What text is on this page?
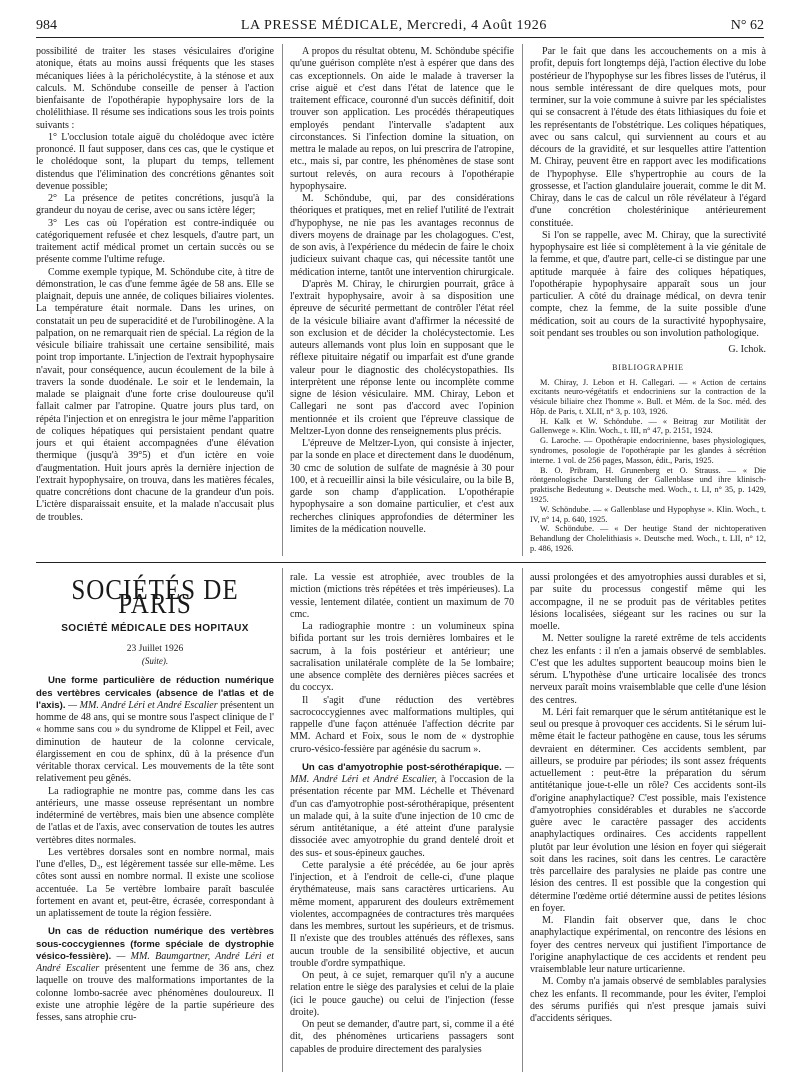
984	LA PRESSE MÉDICALE, Mercredi, 4 Août 1926	N° 62

possibilité de traiter les stases vésiculaires d'origine atonique, états au moins aussi fréquents que les stases mécaniques liées à la péricholécystite, à la sténose et aux calculs. M. Schöndube conseille de penser à l'action bienfaisante de l'opothérapie hypophysaire lors de la cholélithiase. Il résume ses indications sous les trois points suivants :

1° L'occlusion totale aiguë du cholédoque avec ictère prononcé. Il faut supposer, dans ces cas, que le cystique et le cholédoque sont, la plupart du temps, tellement distendus que l'élimination des concrétions gênantes soit devenue possible;

2° La présence de petites concrétions, jusqu'à la grandeur du noyau de cerise, avec ou sans ictère léger;

3° Les cas où l'opération est contre-indiquée ou catégoriquement refusée et chez lesquels, d'autre part, un traitement actif médical promet un certain succès ou se présente comme l'ultime refuge.

Comme exemple typique, M. Schöndube cite, à titre de démonstration, le cas d'une femme âgée de 58 ans. Elle se plaignait, depuis une année, de coliques biliaires violentes. La température était normale. Dans les urines, on constatait un peu de superacidité et de l'urobilinogène. A la palpation, on ne remarquait rien de spécial. La région de la vésicule biliaire trahissait une certaine sensibilité, mais point trop importante. L'injection de l'extrait hypophysaire n'avait, pour conséquence, aucun écoulement de la bile à travers la sonde duodénale. Le soir et le lendemain, la malade se plaignait d'une forte crise douloureuse qu'il fallait calmer par l'atropine. Quatre jours plus tard, on répéta l'injection et on enregistra le jour même l'apparition de coliques hépatiques qui persistaient pendant quatre jours et qui étaient accompagnées d'une élévation thermique (jusqu'à 39°5) et d'un ictère en voie d'augmentation. Huit jours après la dernière injection de l'extrait hypophysaire, on trouva, dans les matières fécales, quatre concrétions dont chacune de la grandeur d'un pois. L'ictère disparaissait ensuite, et la malade n'accusait plus de troubles.

A propos du résultat obtenu, M. Schöndube spécifie qu'une guérison complète n'est à espérer que dans des cas exceptionnels. On aide le malade à traverser la crise aiguë et c'est dans l'état de latence que le traitement efficace, couronné d'un succès définitif, doit trouver son application. Les procédés thérapeutiques employés pendant l'intervalle s'adaptent aux circonstances. Si l'infection domine la situation, on mettra le malade au repos, on lui prescrira de l'atropine, etc., mais si, par contre, les phénomènes de stase sont surtout relevés, on aura recours à l'opothérapie hypophysaire.

M. Schöndube, qui, par des considérations théoriques et pratiques, met en relief l'utilité de l'extrait d'hypophyse, ne nie pas les avantages reconnus de divers moyens de drainage par les cholagogues. C'est, de son avis, à l'expérience du médecin de faire le choix judicieux suivant chaque cas, qui nécessite tantôt une médication interne, tantôt une intervention chirurgicale.

D'après M. Chiray, le chirurgien pourrait, grâce à l'extrait hypophysaire, avoir à sa disposition une épreuve de sécurité permettant de contrôler l'état réel de la vésicule biliaire avant d'affirmer la nécessité de son exclusion et de décider la cholécystectomie. Les auteurs allemands vont plus loin en supposant que le réflexe pituitaire négatif ou imparfait est d'une grande valeur pour le diagnostic des cholécystopathies. Ils interprètent une réponse lente ou incomplète comme signe de lésion vésiculaire. MM. Chiray, Lebon et Callegari ne sont pas d'accord avec l'opinion mentionnée et ils croient que l'épreuve classique de Meltzer-Lyon donne des renseignements plus précis.

L'épreuve de Meltzer-Lyon, qui consiste à injecter, par la sonde en place et directement dans le duodénum, 30 cmc de solution de sulfate de magnésie à 30 pour 100, et à recueillir ainsi la bile vésiculaire, ou la bile B, garde son champ d'application. L'opothérapie hypophysaire a son domaine particulier, et c'est aux recherches cliniques approfondies de déterminer les limites de la médication nouvelle.

Par le fait que dans les accouchements on a mis à profit, depuis fort longtemps déjà, l'action élective du lobe postérieur de l'hypophyse sur les fibres lisses de l'utérus, il nous semble intéressant de dire quelques mots, pour terminer, sur la voie commune à suivre par les spécialistes qui se consacrent à l'étude des états lithiasiques du foie et les représentants de l'obstétrique. Les coliques hépatiques, avec ou sans calcul, qui surviennent au cours et au décours de la gravidité, et sur lesquelles attire l'attention M. Chiray, peuvent être en rapport avec les modifications de l'hypophyse. Elle s'hypertrophie au cours de la grossesse, et l'action glandulaire jouerait, comme le dit M. Chiray, dans le cas de calcul un rôle révélateur à l'égard d'une concrétion cholestérinique antérieurement constituée.

Si l'on se rappelle, avec M. Chiray, que la surectivité hypophysaire est liée si complètement à la vie génitale de la femme, et que, d'autre part, celle-ci se distingue par une aptitude marquée à faire des coliques hépatiques, l'opothérapie hypophysaire apparaît sous un jour particulier. A côté du drainage médical, on devra tenir compte, chez la femme, de la suite possible d'une médication, soit au cours de la suractivité hypophysaire, soit pendant ses troubles ou son involution pathologique.

G. Ichok.

BIBLIOGRAPHIE

M. Chiray, J. Lebon et H. Callegari. — « Action de certains excitants neuro-végétatifs et endocriniens sur la contraction de la vésicule biliaire chez l'homme ». Bull. et Mém. de la Soc. méd. des Hôp. de Paris, t. XLII, n° 3, p. 103, 1926.

H. Kalk et W. Schöndube. — « Beitrag zur Motilität der Gallenwege ». Klin. Woch., t. III, n° 47, p. 2151, 1924.

G. Laroche. — Opothérapie endocrinienne, bases physiologiques, syndromes, posologie de l'opothérapie par les glandes à sécrétion interne. 1 vol. de 256 pages, Masson, édit., Paris, 1925.

B. O. Pribram, H. Grunenberg et O. Strauss. — « Die röntgenologische Darstellung der Gallenblase und ihre klinisch-praktische Bedeutung ». Deutsche med. Woch., t. LI, n° 35, p. 1429, 1925.

W. Schöndube. — « Gallenblase und Hypophyse ». Klin. Woch., t. IV, n° 14, p. 640, 1925.

W. Schöndube. — « Der heutige Stand der nichtoperativen Behandlung der Cholelithiasis ». Deutsche med. Woch., t. LII, n° 12, p. 486, 1926.

SOCIÉTÉS DE PARIS
SOCIÉTÉ MÉDICALE DES HOPITAUX
23 Juillet 1926
(Suite).

Une forme particulière de réduction numérique des vertèbres cervicales (absence de l'atlas et de l'axis). — MM. André Léri et André Escalier présentent un homme de 48 ans, qui se montre sous l'aspect clinique de l' « homme sans cou » du syndrome de Klippel et Feil, avec diminution de hauteur de la colonne cervicale, élargissement en cou de sphinx, dû à la présence d'un véritable thorax cervical. Les mouvements de la tête sont relativement peu gênés.

La radiographie ne montre pas, comme dans les cas antérieurs, une masse osseuse représentant un nombre indéterminé de vertèbres, mais bien une absence complète de l'atlas et de l'axis, avec conservation de toutes les autres vertèbres dites normales.

Les vertèbres dorsales sont en nombre normal, mais l'une d'elles, D₃, est légèrement tassée sur elle-même. Les côtes sont aussi en nombre normal. Il existe une scoliose accentuée. La 5e vertèbre lombaire paraît basculée fortement en avant et, peut-être, écrasée, correspondant à un aplatissement de toute la région fessière.

Un cas de réduction numérique des vertèbres sous-coccygiennes (forme spéciale de dystrophie vésico-fessière). — MM. Baumgartner, André Léri et André Escalier présentent une femme de 36 ans, chez laquelle on trouve des malformations importantes de la colonne lombo-sacrée avec phénomènes douloureux. Il existe une atrophie légère de la partie supérieure des fesses, sans atrophie cru-

rale. La vessie est atrophiée, avec troubles de la miction (mictions très répétées et très impérieuses). La vessie, lentement dilatée, contient un maximum de 70 cmc.

La radiographie montre : un volumineux spina bifida portant sur les trois dernières lombaires et le sacrum, à la fois postérieur et antérieur; une sacralisation unilatérale complète de la 5e lombaire; une absence complète des dernières pièces sacrées et du coccyx.

Il s'agit d'une réduction des vertèbres sacrococcygiennes avec malformations multiples, qui rappelle d'une façon atténuée l'affection décrite par MM. Achard et Foix, sous le nom de « dystrophie cruro-vésico-fessière par agénésie du sacrum ».

Un cas d'amyotrophie post-sérothérapique. — MM. André Léri et André Escalier, à l'occasion de la présentation récente par MM. Léchelle et Thévenard d'un cas d'amyotrophie post-sérothérapique, présentent un malade qui, à la suite d'une injection de 10 cmc de sérum antitétanique, a été atteint d'une paralysie dissociée avec amyotrophie du grand dentelé droit et des sus- et sous-épineux gauches.

Cette paralysie a été précédée, au 6e jour après l'injection, et à l'endroit de celle-ci, d'une plaque érythémateuse, mais sans caractères urticariens. Au même moment, apparurent des douleurs extrêmement violentes, accompagnées de contractures très marquées dans les membres, surtout les supérieurs, et de trismus. Il n'existe que des troubles atténués des réflexes, sans aucun trouble de la sensibilité objective, et aucun trouble d'ordre sympathique.

On peut, à ce sujet, remarquer qu'il n'y a aucune relation entre le siège des paralysies et celui de la plaie (ici le pouce gauche) ou celui de l'injection (fesse droite).

On peut se demander, d'autre part, si, comme il a été dit, des phénomènes urticariens passagers sont capables de produire directement des paralysies

aussi prolongées et des amyotrophies aussi durables et si, par suite du processus congestif même qui les accompagne, il ne se produit pas de véritables petites lésions localisées, siégeant sur les racines ou sur la moelle.

M. Netter souligne la rareté extrême de tels accidents chez les enfants : il n'en a jamais observé de semblables. C'est que les adultes supportent beaucoup moins bien le sérum. L'hypothèse d'une urticaire localisée des troncs nerveux paraît moins vraisemblable que celle d'une lésion des centres.

M. Léri fait remarquer que le sérum antitétanique est le seul ou presque à provoquer ces accidents. Si le sérum lui-même était le facteur pathogène en cause, tous les sérums devraient en déterminer. Ces accidents semblent, par ailleurs, se produire par périodes; ils sont assez fréquents actuellement : peut-être la préparation du sérum antitétanique joue-t-elle un rôle? Ces accidents sont-ils d'origine anaphylactique? C'est possible, mais l'existence d'amyotrophies considérables et durables ne s'accorde guère avec le caractère passager des accidents anaphylactiques ordinaires. Ces accidents rappellent plutôt par leur évolution une lésion en foyer qui siégerait soit dans les racines, soit dans les centres. Le caractère très parcellaire des paralysies ne plaide pas contre une lésion des centres. Il est possible que la congestion qui détermine l'œdème ortié détermine aussi de petites lésions en foyer.

M. Flandin fait observer que, dans le choc anaphylactique expérimental, on rencontre des lésions en foyer des centres nerveux qui justifient l'importance de l'origine anaphylactique de ces accidents et rendent peu vraisemblable leur nature urticarienne.

M. Comby n'a jamais observé de semblables paralysies chez les enfants. Il recommande, pour les éviter, l'emploi des sérums purifiés qui n'est presque jamais suivi d'accidents sériques.
